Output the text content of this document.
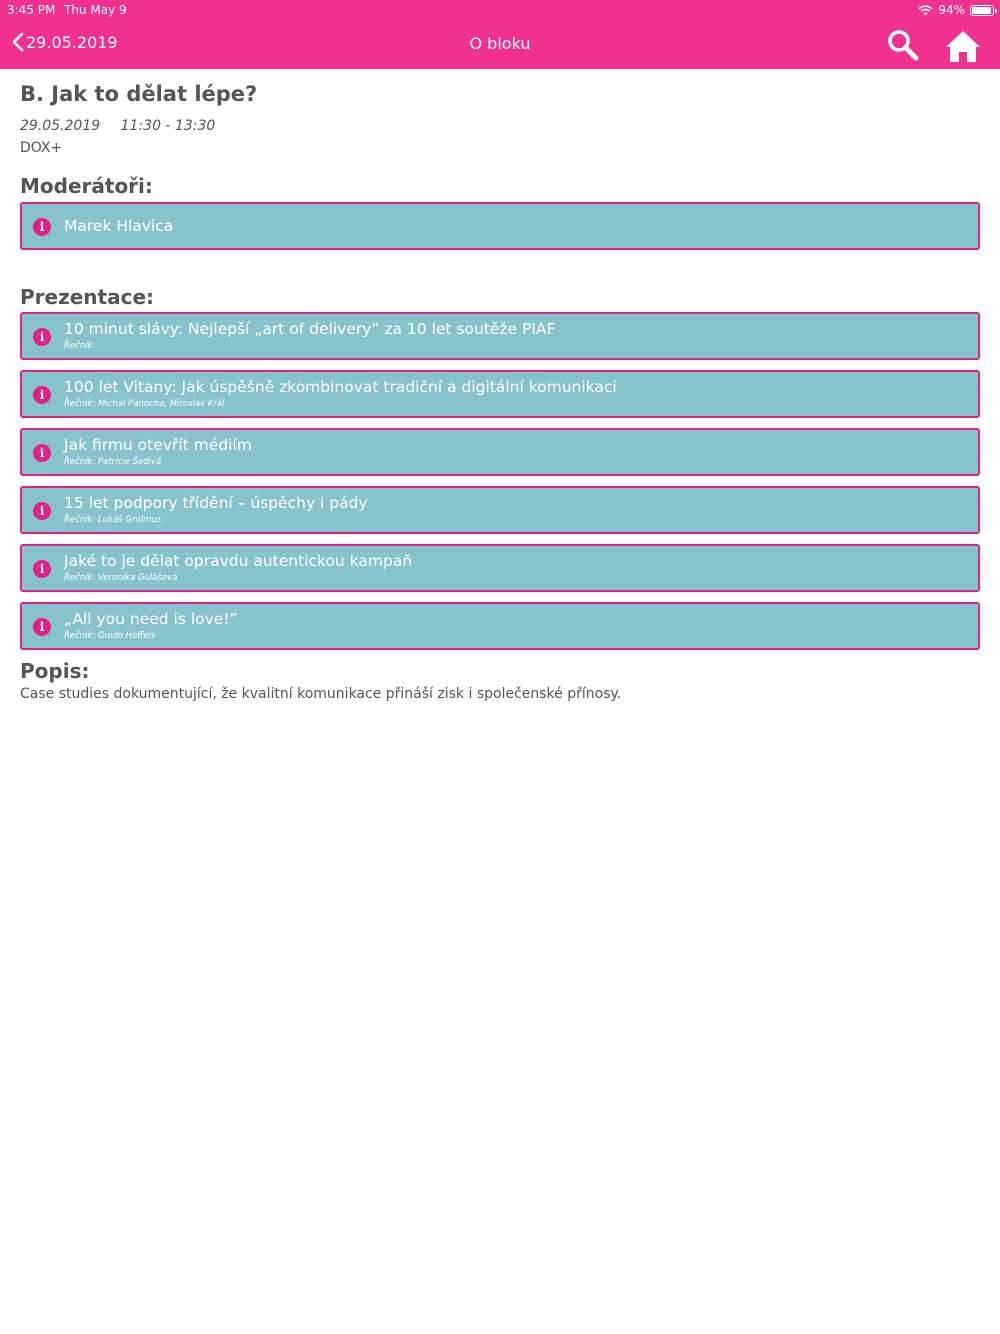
3:45 PM Thu May 9	94%
29.05.2019	O bloku
B. Jak to dělat lépe?
29.05.2019 11:30 - 13:30
DOX+
Moderátoři:
i	Marek Hlavica
Prezentace:
i	10 minut slávy: Nejlepší „art of delivery” za 10 let soutěže PIAF
Řečník:
i	100 let Vitany: Jak úspěšně zkombinovat tradiční a digitální komunikaci
Řečník: Michal Panocha, Miroslav Král
i	Jak firmu otevřít médiím
Řečník: Patricie Šedivá
i	15 let podpory třídění – úspěchy i pády
Řečník: Lukáš Grolmus
i	Jaké to je dělat opravdu autentickou kampaň
Řečník: Veronika Gulášová
i	„All you need is love!”
Řečník: Guido Heffels
Popis:
Case studies dokumentující, že kvalitní komunikace přináší zisk i společenské přínosy.
